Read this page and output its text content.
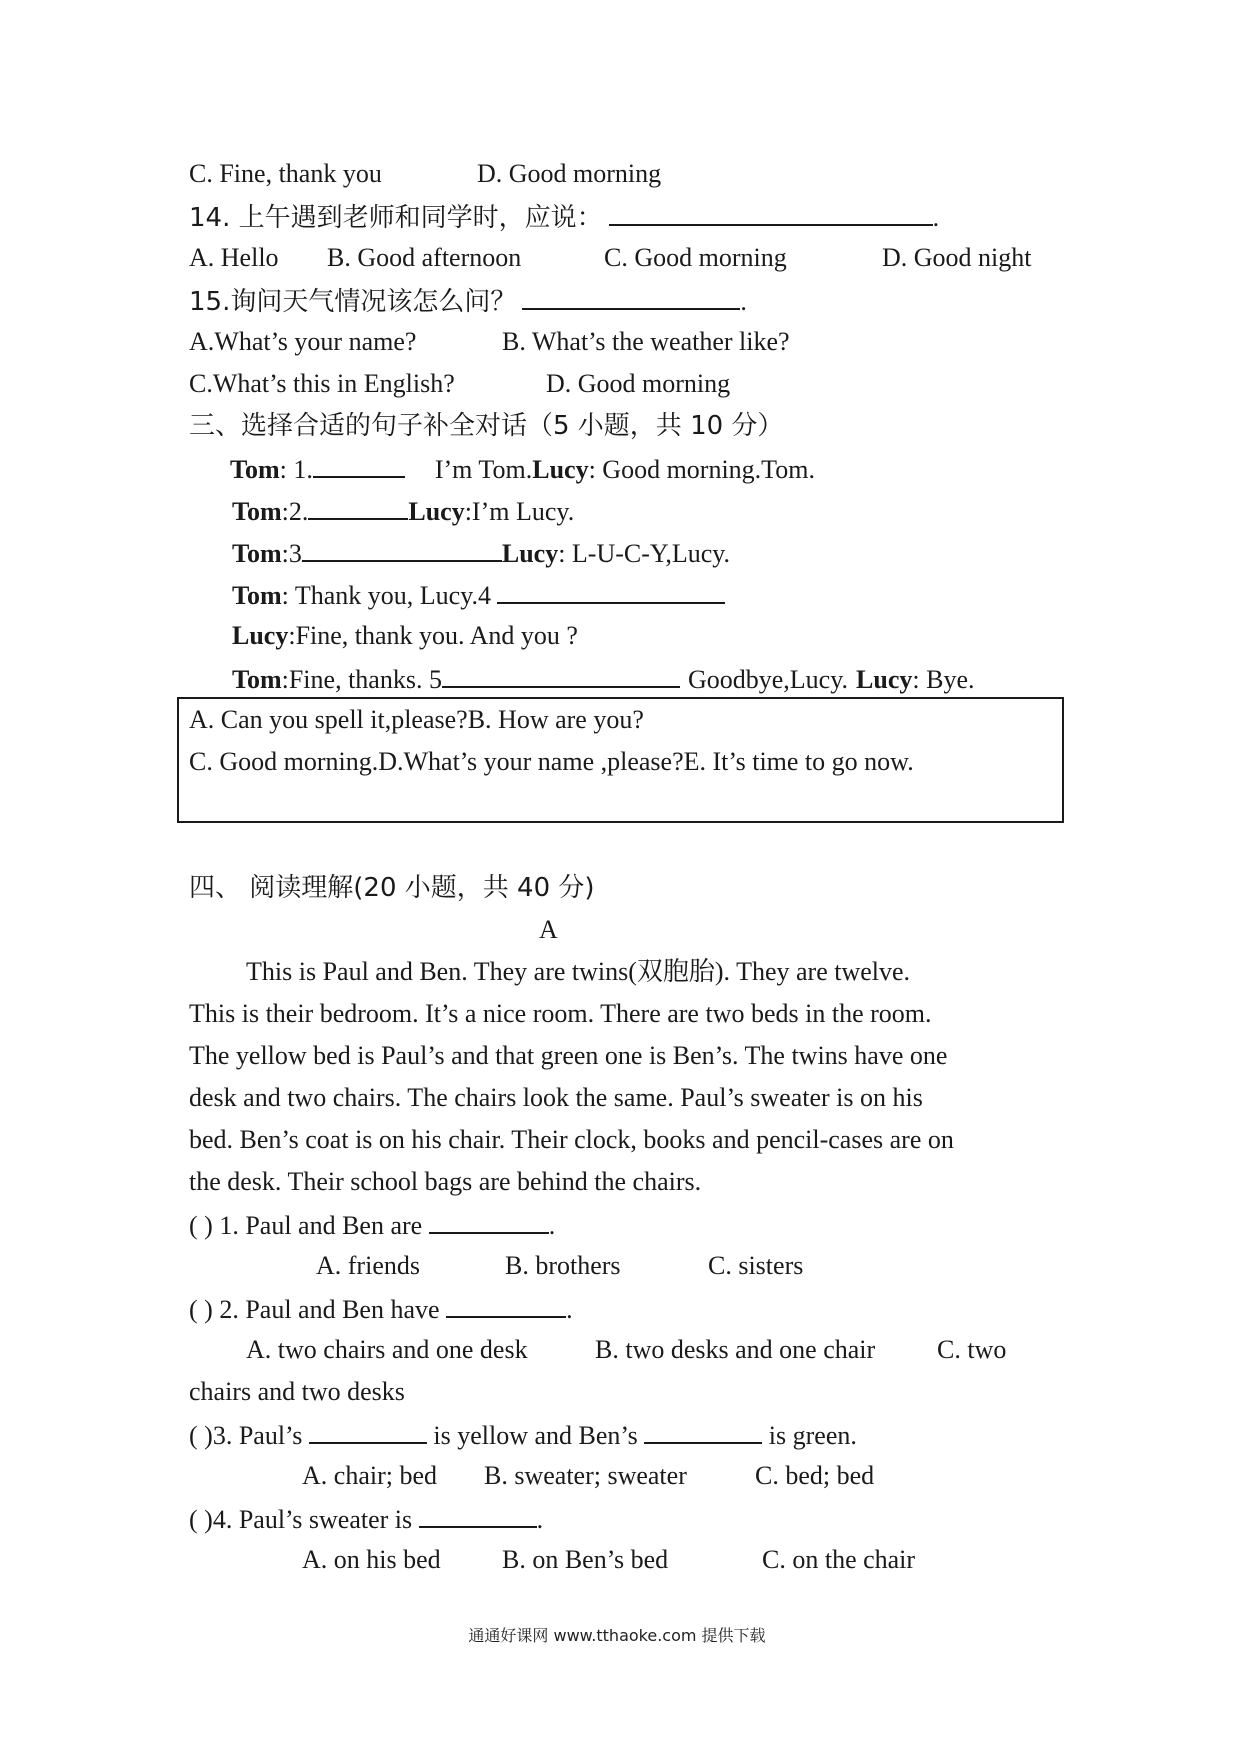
C. Fine, thank you	D. Good morning
14. 上午遇到老师和同学时，应说：	.
A. Hello B. Good afternoon	C. Good morning	D. Good night
15.询问天气情况该怎么问？	.
A.What’s your name?	B. What’s the weather like?
C.What’s this in English?	D. Good morning
三、选择合适的句子补全对话（5 小题，共 10 分）
Tom: 1.	I’m Tom.Lucy: Good morning.Tom.
Tom:2.	Lucy:I’m Lucy.
Tom:3	Lucy: L-U-C-Y,Lucy.
Tom: Thank you, Lucy.4
Lucy:Fine, thank you. And you ?
Tom:Fine, thanks. 5	Goodbye,Lucy. Lucy: Bye.
A. Can you spell it,please?B. How are you?
C. Good morning.D.What’s your name ,please?E. It’s time to go now.
四、 阅读理解(20 小题，共 40 分)
A
This is Paul and Ben. They are twins(双胞胎). They are twelve.
This is their bedroom. It’s a nice room. There are two beds in the room.
The yellow bed is Paul’s and that green one is Ben’s. The twins have one
desk and two chairs. The chairs look the same. Paul’s sweater is on his
bed. Ben’s coat is on his chair. Their clock, books and pencil-cases are on
the desk. Their school bags are behind the chairs.
( ) 1. Paul and Ben are	.
A. friends	B. brothers	C. sisters
( ) 2. Paul and Ben have	.
A. two chairs and one desk	B. two desks and one chair C. two
chairs and two desks
( )3. Paul’s	is yellow and Ben’s	is green.
A. chair; bed B. sweater; sweater	C. bed; bed
( )4. Paul’s sweater is	.
A. on his bed B. on Ben’s bed	C. on the chair
通通好课网 www.tthaoke.com 提供下载
